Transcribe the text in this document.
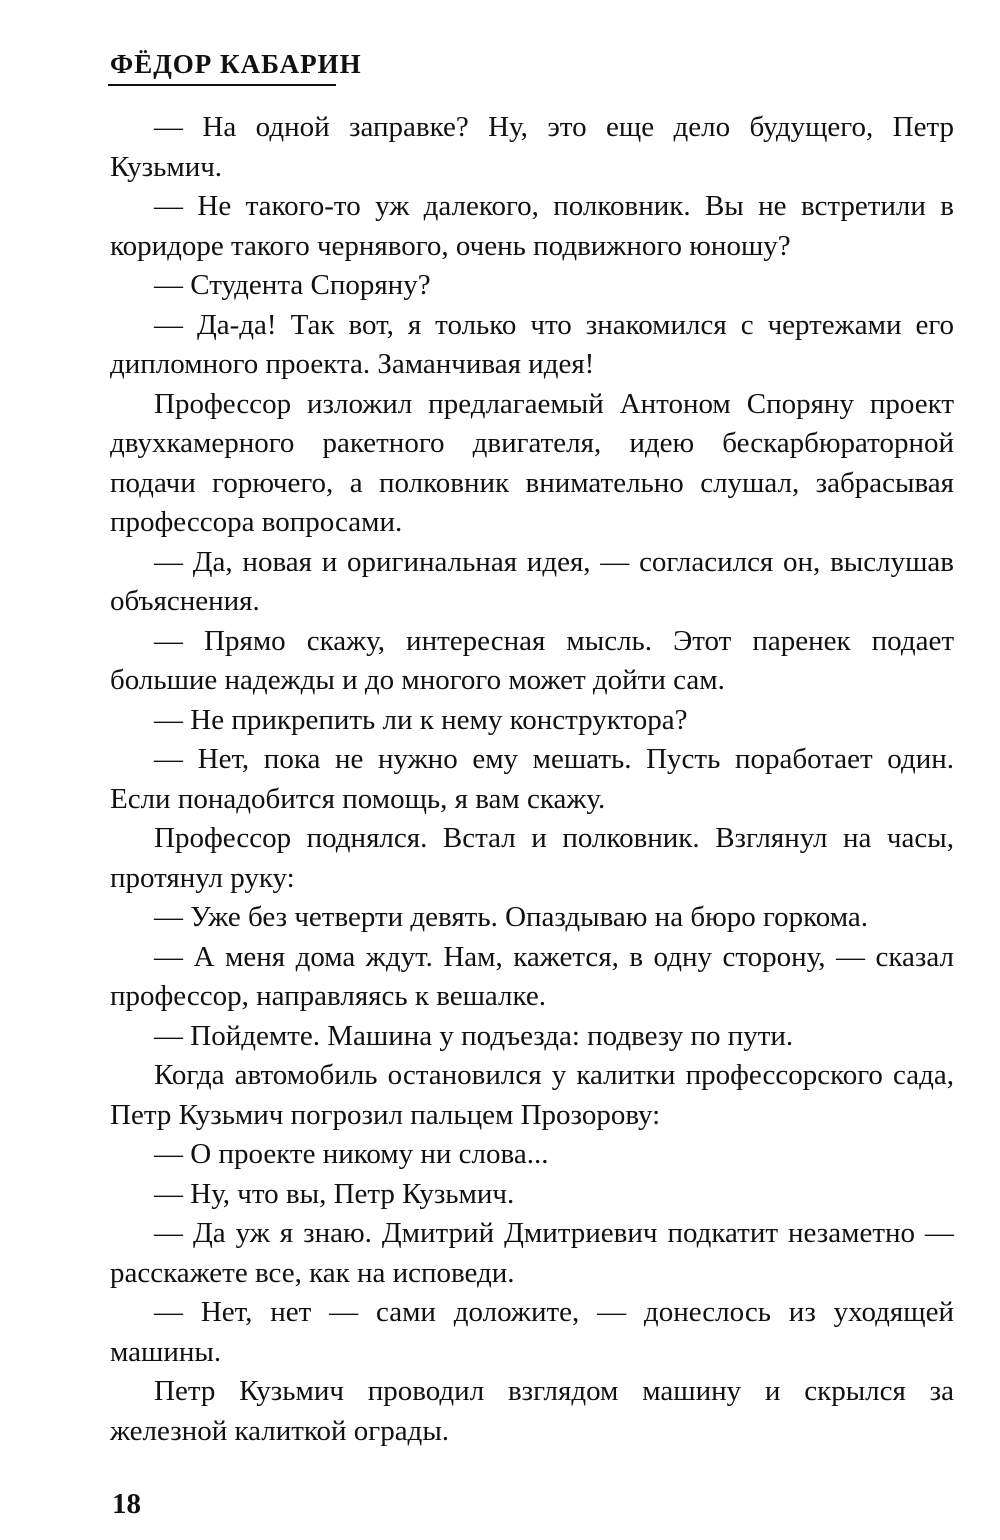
ФЁДОР КАБАРИН

— На одной заправке? Ну, это еще дело будущего, Петр Кузьмич.

— Не такого-то уж далекого, полковник. Вы не встретили в коридоре такого чернявого, очень подвижного юношу?

— Студента Споряну?

— Да-да! Так вот, я только что знакомился с чертежами его дипломного проекта. Заманчивая идея!

Профессор изложил предлагаемый Антоном Споряну проект двухкамерного ракетного двигателя, идею бескарбюраторной подачи горючего, а полковник внимательно слушал, забрасывая профессора вопросами.

— Да, новая и оригинальная идея, — согласился он, выслушав объяснения.

— Прямо скажу, интересная мысль. Этот паренек подает большие надежды и до многого может дойти сам.

— Не прикрепить ли к нему конструктора?

— Нет, пока не нужно ему мешать. Пусть поработает один. Если понадобится помощь, я вам скажу.

Профессор поднялся. Встал и полковник. Взглянул на часы, протянул руку:

— Уже без четверти девять. Опаздываю на бюро горкома.

— А меня дома ждут. Нам, кажется, в одну сторону, — сказал профессор, направляясь к вешалке.

— Пойдемте. Машина у подъезда: подвезу по пути.

Когда автомобиль остановился у калитки профессорского сада, Петр Кузьмич погрозил пальцем Прозорову:

— О проекте никому ни слова...

— Ну, что вы, Петр Кузьмич.

— Да уж я знаю. Дмитрий Дмитриевич подкатит незаметно — расскажете все, как на исповеди.

— Нет, нет — сами доложите, — донеслось из уходящей машины.

Петр Кузьмич проводил взглядом машину и скрылся за железной калиткой ограды.

18
